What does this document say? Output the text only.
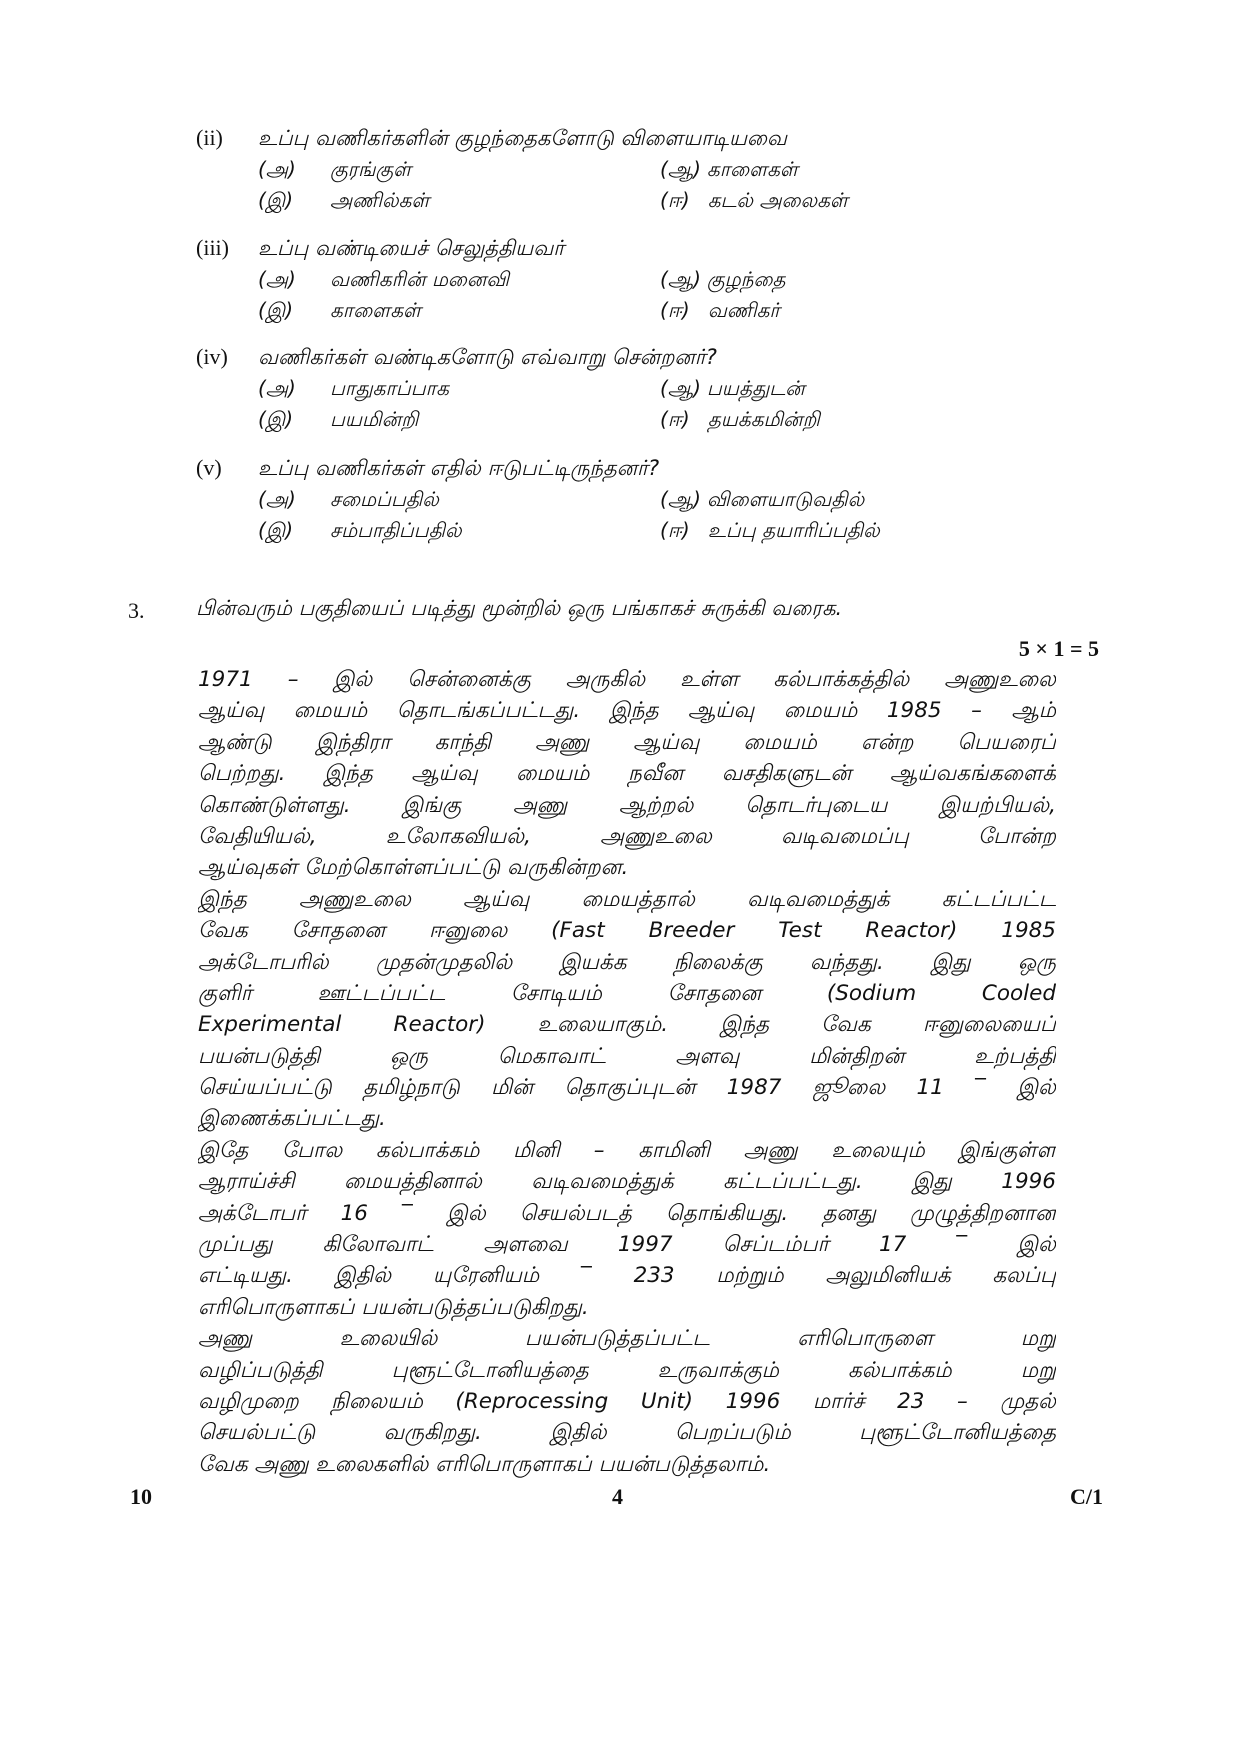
(ii) உப்பு வணிகர்களின் குழந்தைகளோடு விளையாடியவை
(அ) குரங்குள்	(ஆ) காளைகள்
(இ) அணில்கள்	(ஈ) கடல் அலைகள்
(iii) உப்பு வண்டியைச் செலுத்தியவர்
(அ) வணிகரின் மனைவி	(ஆ) குழந்தை
(இ) காளைகள்	(ஈ) வணிகர்
(iv) வணிகர்கள் வண்டிகளோடு எவ்வாறு சென்றனர்?
(அ) பாதுகாப்பாக	(ஆ) பயத்துடன்
(இ) பயமின்றி	(ஈ) தயக்கமின்றி
(v) உப்பு வணிகர்கள் எதில் ஈடுபட்டிருந்தனர்?
(அ) சமைப்பதில்	(ஆ) விளையாடுவதில்
(இ) சம்பாதிப்பதில்	(ஈ) உப்பு தயாரிப்பதில்
3. பின்வரும் பகுதியைப் படித்து மூன்றில் ஒரு பங்காகச் சுருக்கி வரைக.
5 × 1 = 5
1971 – இல் சென்னைக்கு அருகில் உள்ள கல்பாக்கத்தில் அணுஉலை
ஆய்வு மையம் தொடங்கப்பட்டது. இந்த ஆய்வு மையம் 1985 – ஆம்
ஆண்டு இந்திரா காந்தி அணு ஆய்வு மையம் என்ற பெயரைப்
பெற்றது. இந்த ஆய்வு மையம் நவீன வசதிகளுடன் ஆய்வகங்களைக்
கொண்டுள்ளது. இங்கு அணு ஆற்றல் தொடர்புடைய இயற்பியல்,
வேதியியல், உலோகவியல், அணுஉலை வடிவமைப்பு போன்ற
ஆய்வுகள் மேற்கொள்ளப்பட்டு வருகின்றன.
இந்த அணுஉலை ஆய்வு மையத்தால் வடிவமைத்துக் கட்டப்பட்ட
வேக சோதனை ஈனுலை (Fast Breeder Test Reactor) 1985
அக்டோபரில் முதன்முதலில் இயக்க நிலைக்கு வந்தது. இது ஒரு
குளிர் ஊட்டப்பட்ட சோடியம் சோதனை (Sodium Cooled
Experimental Reactor) உலையாகும். இந்த வேக ஈனுலையைப்
பயன்படுத்தி ஒரு மெகாவாட் அளவு மின்திறன் உற்பத்தி
செய்யப்பட்டு தமிழ்நாடு மின் தொகுப்புடன் 1987 ஜூலை 11 ‾ இல்
இணைக்கப்பட்டது.
இதே போல கல்பாக்கம் மினி – காமினி அணு உலையும் இங்குள்ள
ஆராய்ச்சி மையத்தினால் வடிவமைத்துக் கட்டப்பட்டது. இது 1996
அக்டோபர் 16 ‾ இல் செயல்படத் தொங்கியது. தனது முழுத்திறனான
முப்பது கிலோவாட் அளவை 1997 செப்டம்பர் 17 ‾ இல்
எட்டியது. இதில் யுரேனியம் ‾ 233 மற்றும் அலுமினியக் கலப்பு
எரிபொருளாகப் பயன்படுத்தப்படுகிறது.
அணு உலையில் பயன்படுத்தப்பட்ட எரிபொருளை மறு
வழிப்படுத்தி புளூட்டோனியத்தை உருவாக்கும் கல்பாக்கம் மறு
வழிமுறை நிலையம் (Reprocessing Unit) 1996 மார்ச் 23 – முதல்
செயல்பட்டு வருகிறது. இதில் பெறப்படும் புளூட்டோனியத்தை
வேக அணு உலைகளில் எரிபொருளாகப் பயன்படுத்தலாம்.
10	4	C/1
